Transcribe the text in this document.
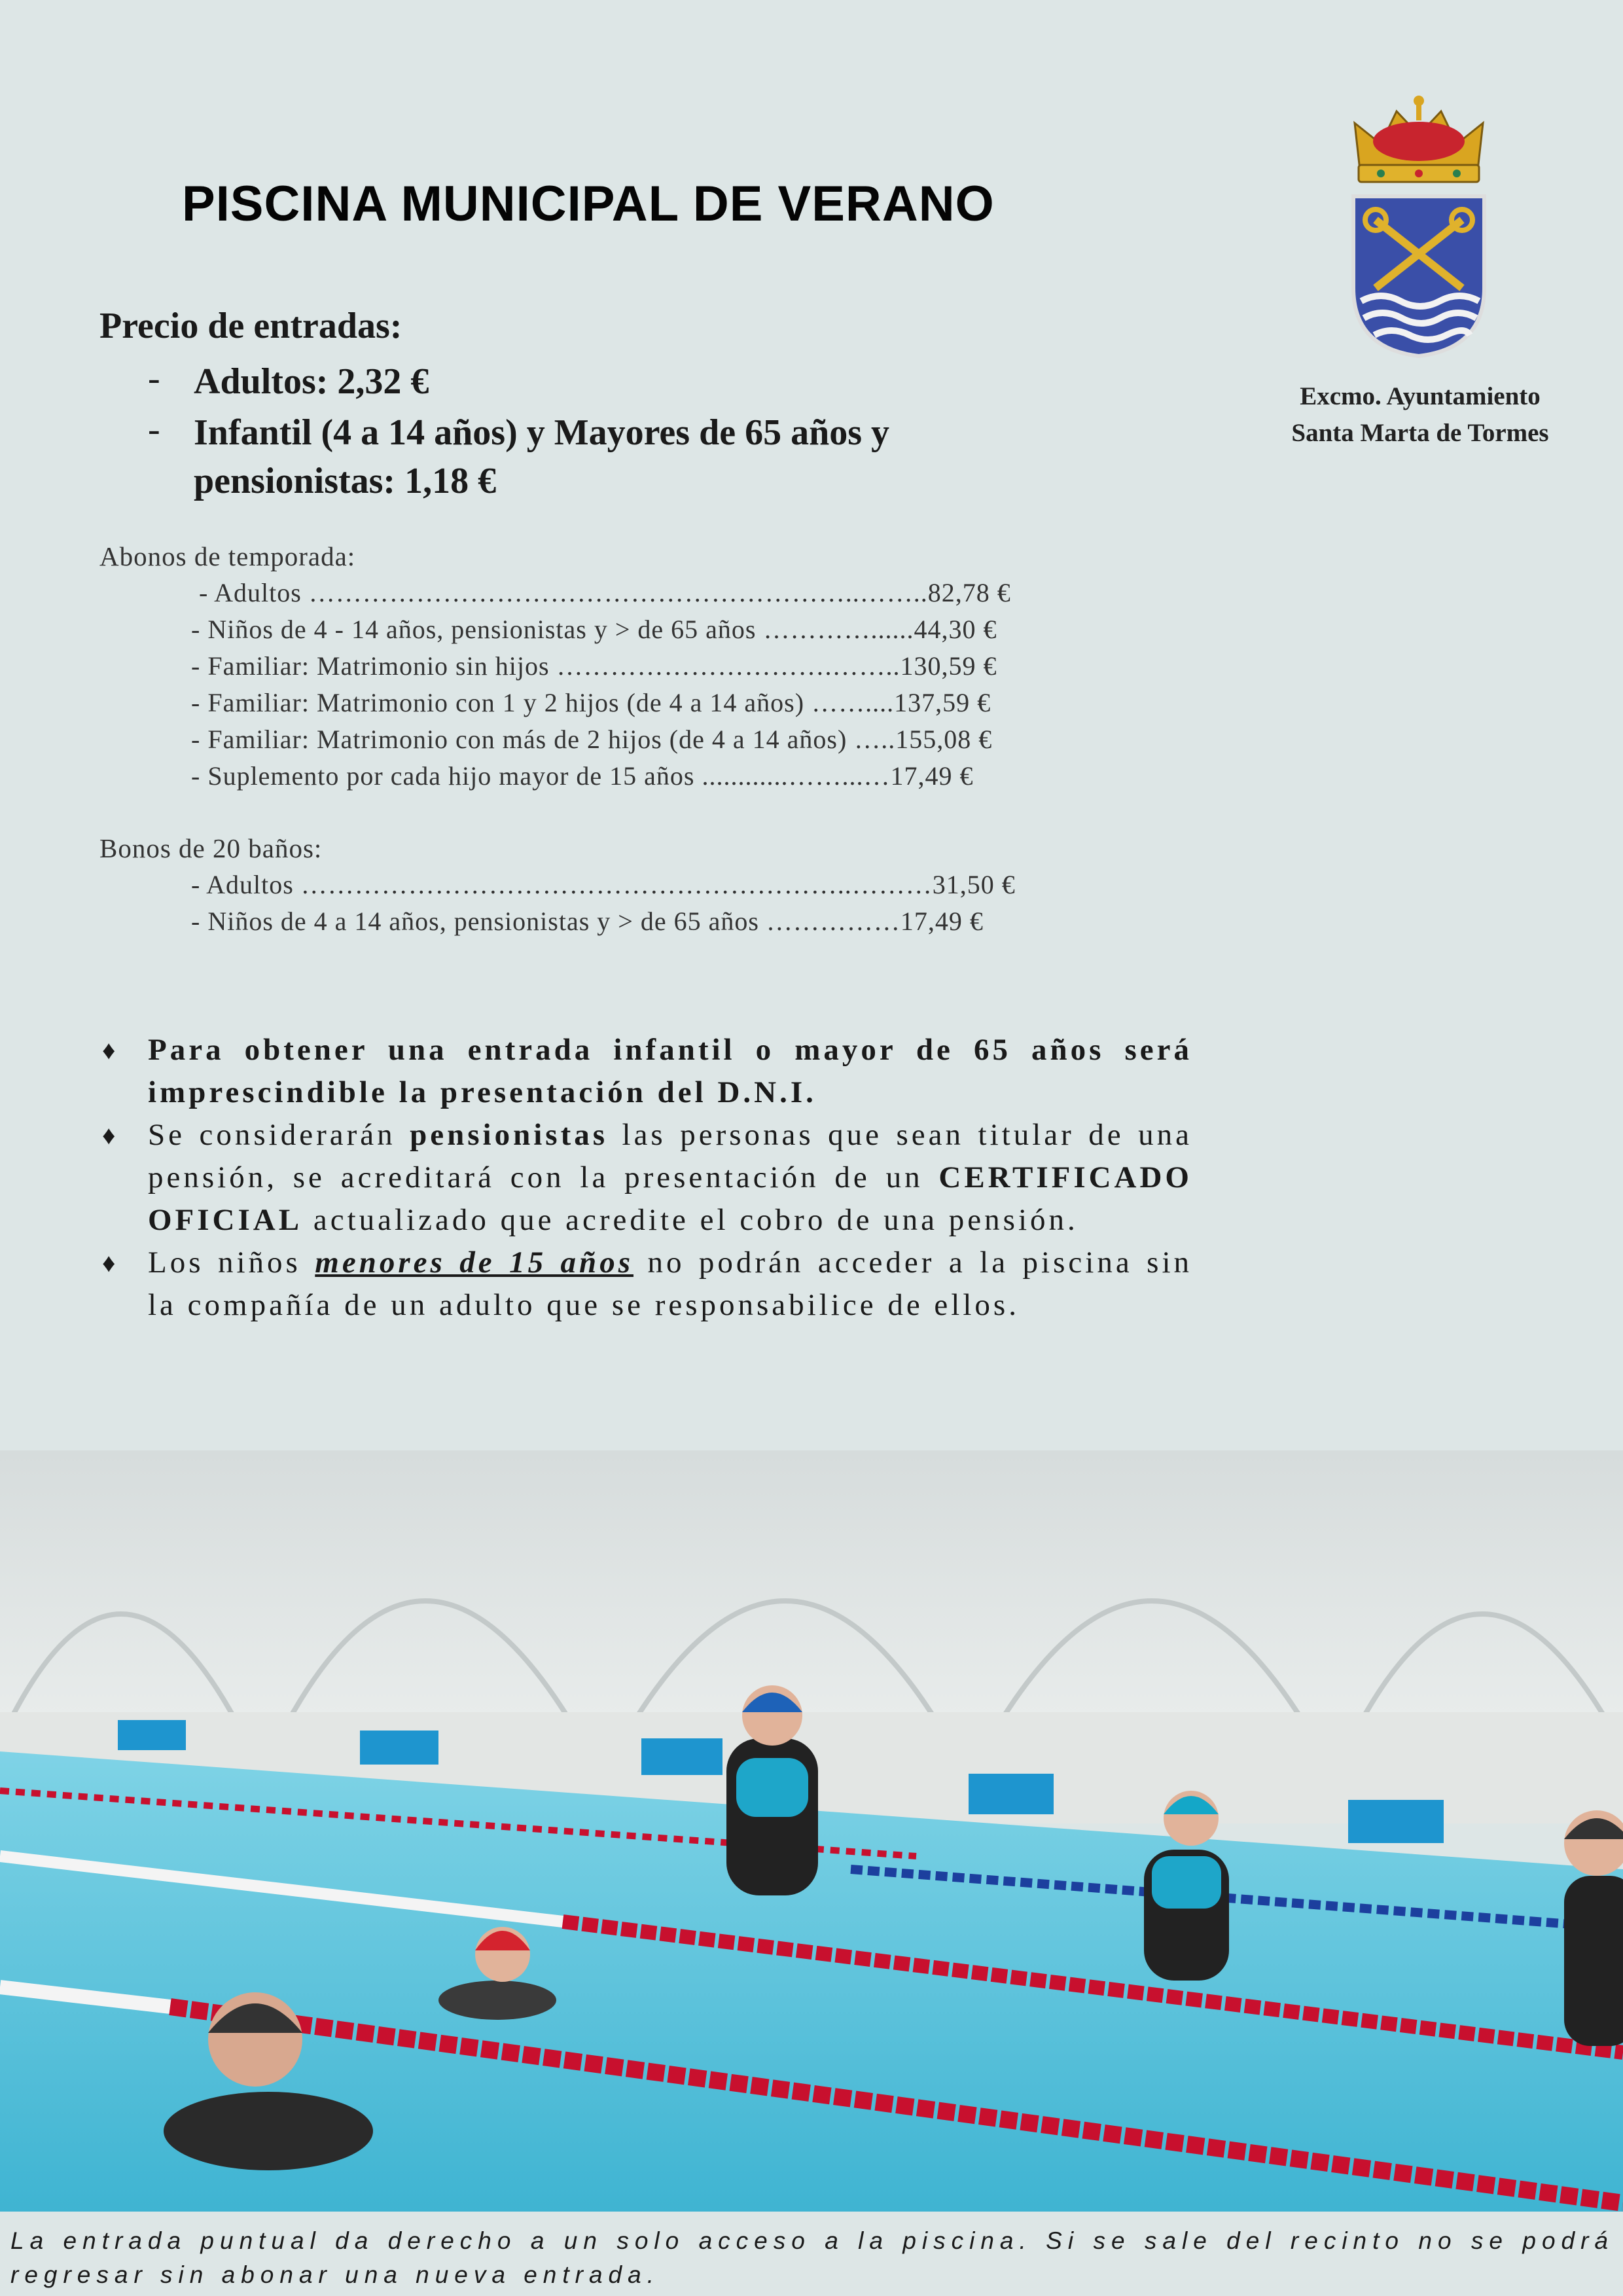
PISCINA MUNICIPAL DE VERANO
Excmo. Ayuntamiento
Santa Marta de Tormes
Precio de entradas:
- Adultos: 2,32 €
- Infantil (4 a 14 años) y Mayores de 65 años y
pensionistas: 1,18 €
Abonos de temporada:
- Adultos ……………………………………………………..……..82,78 €
- Niños de 4 - 14 años, pensionistas y > de 65 años …………......44,30 €
- Familiar: Matrimonio sin hijos ………………………….……..130,59 €
- Familiar: Matrimonio con 1 y 2 hijos (de 4 a 14 años) ……....137,59 €
- Familiar: Matrimonio con más de 2 hijos (de 4 a 14 años) …..155,08 €
- Suplemento por cada hijo mayor de 15 años ............……...…17,49 €
Bonos de 20 baños:
- Adultos ……………………………………………………..………31,50 €
- Niños de 4 a 14 años, pensionistas y > de 65 años ……………17,49 €

♦ Para obtener una entrada infantil o mayor de 65 años será imprescindible la presentación del D.N.I.

♦ Se considerarán pensionistas las personas que sean titular de una pensión, se acreditará con la presentación de un CERTIFICADO OFICIAL actualizado que acredite el cobro de una pensión.

♦ Los niños menores de 15 años no podrán acceder a la piscina sin la compañía de un adulto que se responsabilice de ellos.

La entrada puntual da derecho a un solo acceso a la piscina. Si se sale del recinto no se podrá regresar sin abonar una nueva entrada.
